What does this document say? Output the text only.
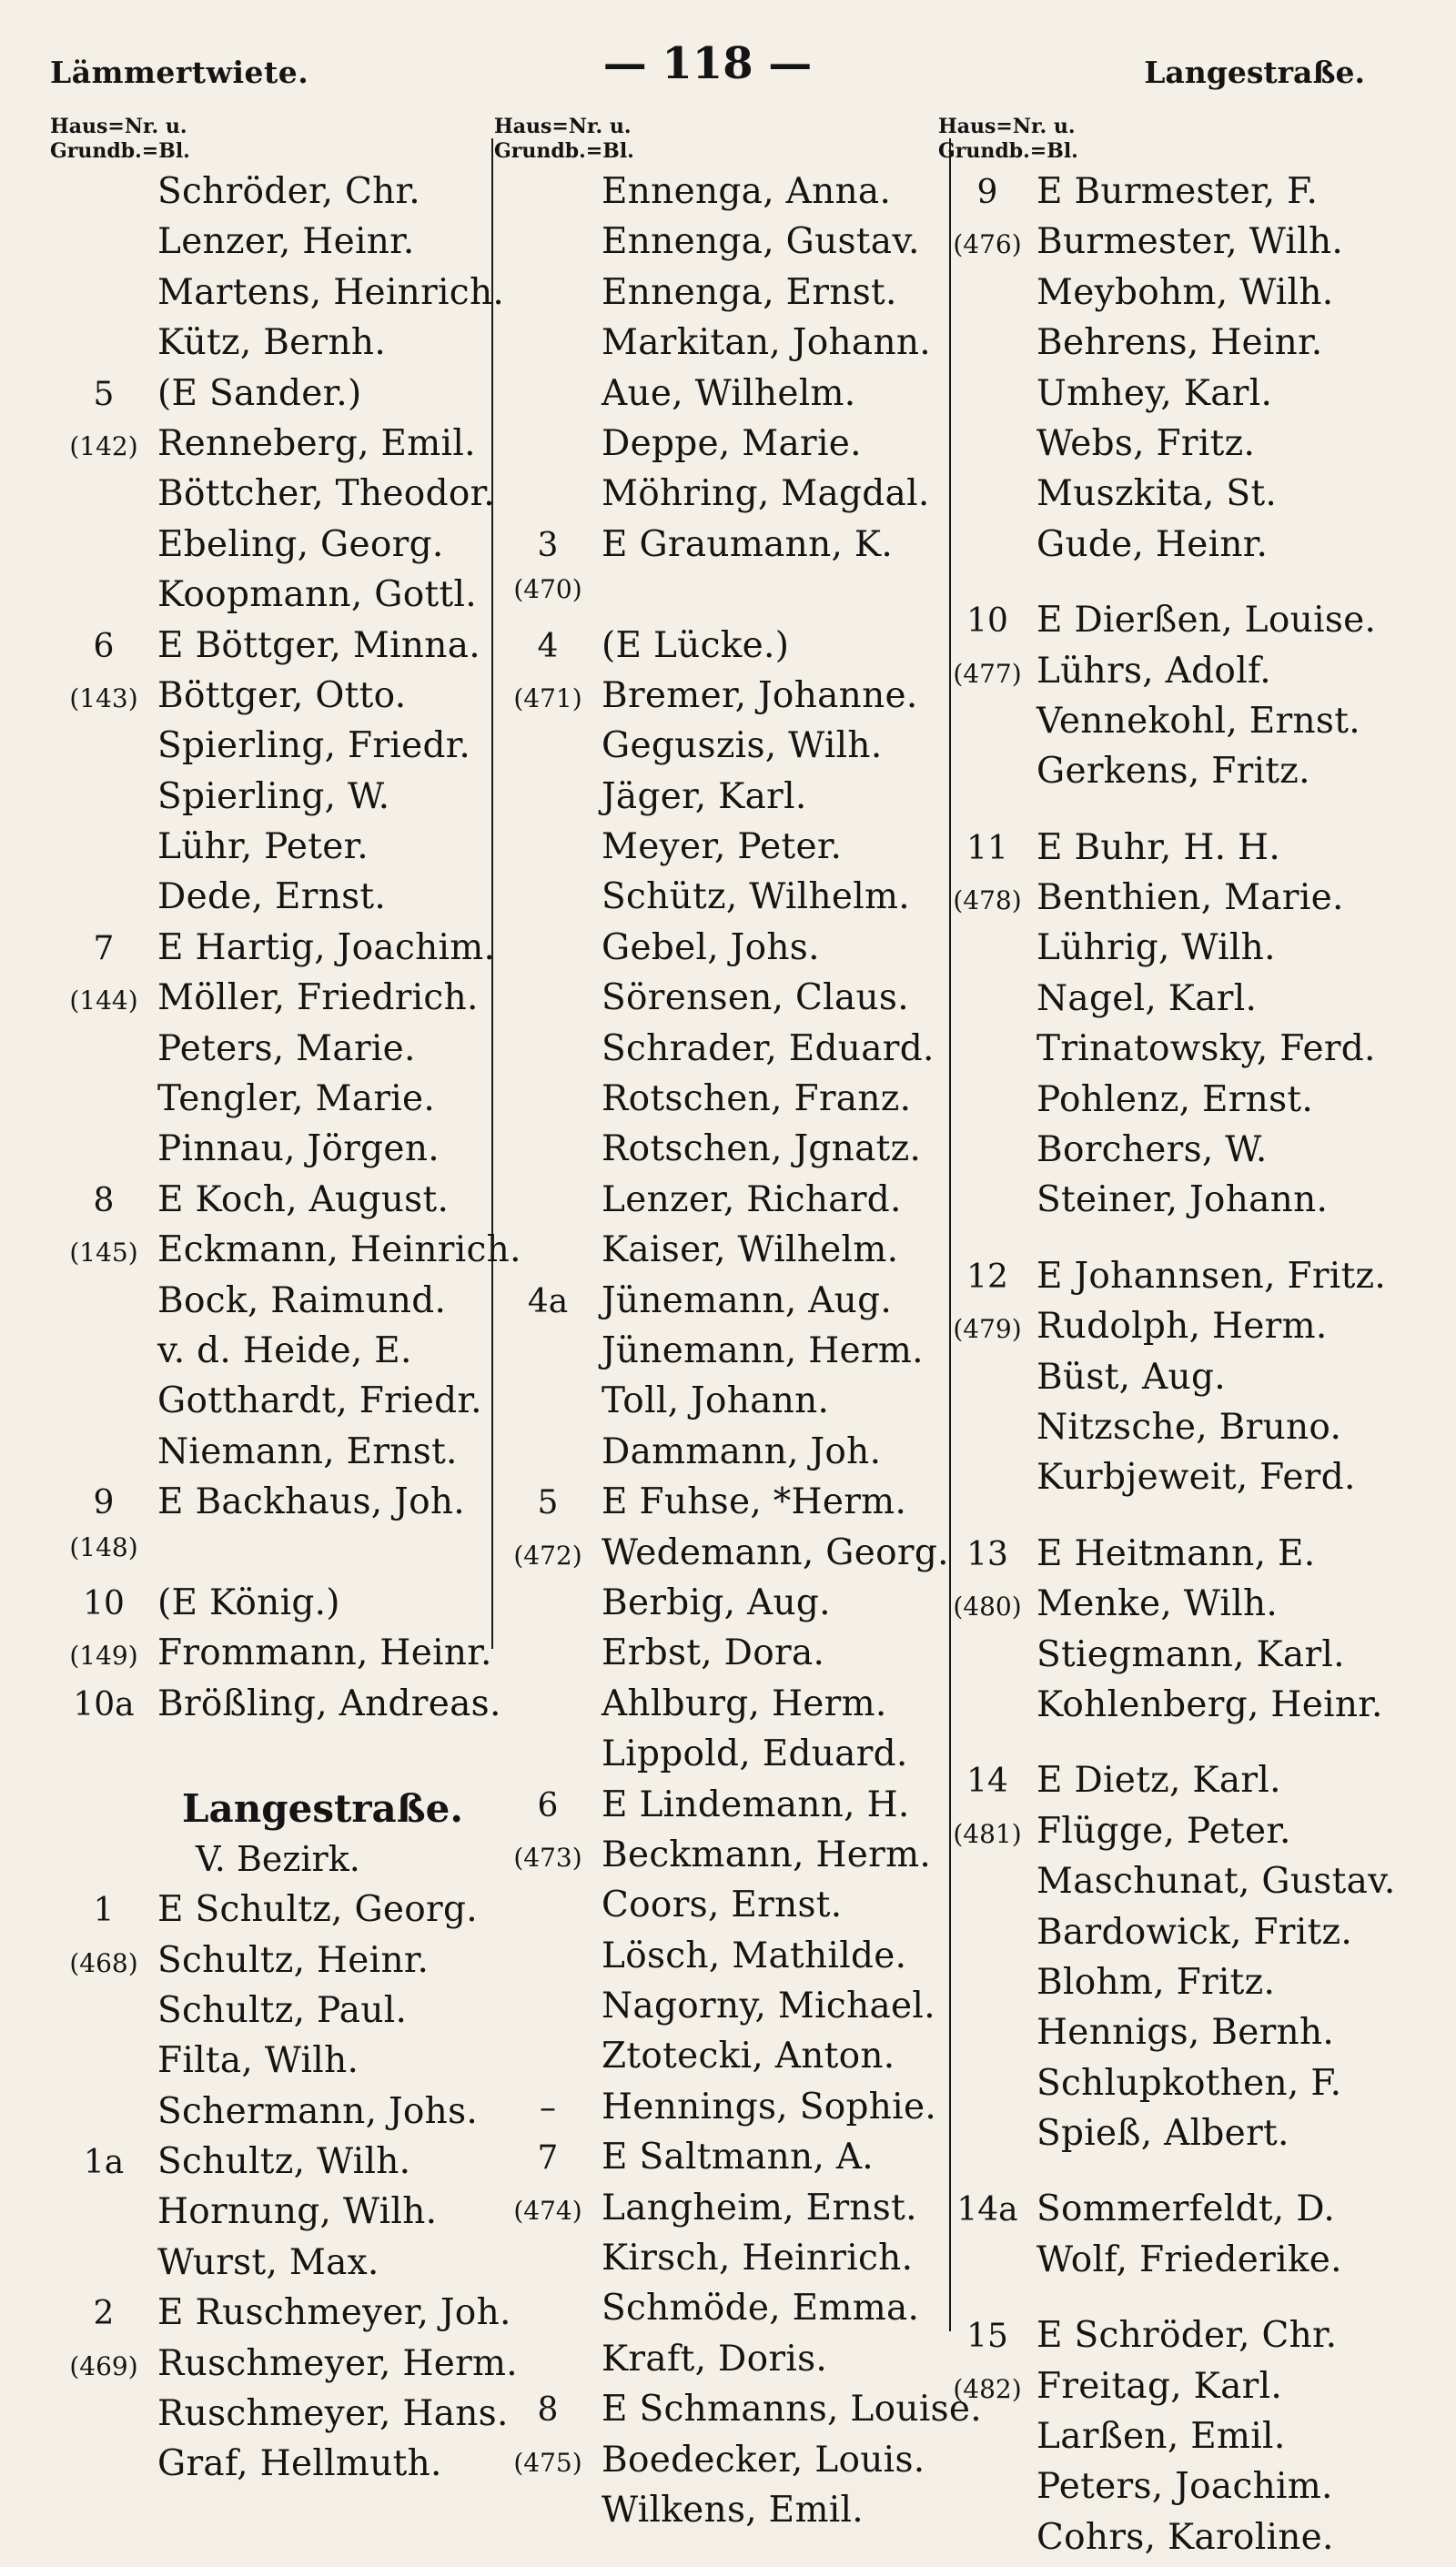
Lämmertwiete.	— 118 —	Langestraße.
Haus=Nr. u.
Grundb.=Bl.
Schröder, Chr.
Lenzer, Heinr.
Martens, Heinrich.
Kütz, Bernh.
5	(E Sander.)
(142) Renneberg, Emil.
Böttcher, Theodor.
Ebeling, Georg.
Koopmann, Gottl.
6	E Böttger, Minna.
(143) Böttger, Otto.
Spierling, Friedr.
Spierling, W.
Lühr, Peter.
Dede, Ernst.
7	E Hartig, Joachim.
(144) Möller, Friedrich.
Peters, Marie.
Tengler, Marie.
Pinnau, Jörgen.
8	E Koch, August.
(145) Eckmann, Heinrich.
Bock, Raimund.
v. d. Heide, E.
Gotthardt, Friedr.
Niemann, Ernst.
9	E Backhaus, Joh.
(148)
10 (E König.)
(149) Frommann, Heinr.
10a Brößling, Andreas.
Langestraße.
V. Bezirk.
1	E Schultz, Georg.
(468) Schultz, Heinr.
Schultz, Paul.
Filta, Wilh.
Schermann, Johs.
1a Schultz, Wilh.
Hornung, Wilh.
Wurst, Max.
2	E Ruschmeyer, Joh.
(469) Ruschmeyer, Herm.
Ruschmeyer, Hans.
Graf, Hellmuth.
Haus=Nr. u.
Grundb.=Bl.
Ennenga, Anna.
Ennenga, Gustav.
Ennenga, Ernst.
Markitan, Johann.
Aue, Wilhelm.
Deppe, Marie.
Möhring, Magdal.
3	E Graumann, K.
(470)
4	(E Lücke.)
(471) Bremer, Johanne.
Geguszis, Wilh.
Jäger, Karl.
Meyer, Peter.
Schütz, Wilhelm.
Gebel, Johs.
Sörensen, Claus.
Schrader, Eduard.
Rotschen, Franz.
Rotschen, Jgnatz.
Lenzer, Richard.
Kaiser, Wilhelm.
4a Jünemann, Aug.
Jünemann, Herm.
Toll, Johann.
Dammann, Joh.
5	E Fuhse, *Herm.
(472) Wedemann, Georg.
Berbig, Aug.
Erbst, Dora.
Ahlburg, Herm.
Lippold, Eduard.
6	E Lindemann, H.
(473) Beckmann, Herm.
Coors, Ernst.
Lösch, Mathilde.
Nagorny, Michael.
Ztotecki, Anton.
–	Hennings, Sophie.
7	E Saltmann, A.
(474) Langheim, Ernst.
Kirsch, Heinrich.
Schmöde, Emma.
Kraft, Doris.
8	E Schmanns, Louise.
(475) Boedecker, Louis.
Wilkens, Emil.
Haus=Nr. u.
Grundb.=Bl.
9	E Burmester, F.
(476) Burmester, Wilh.
Meybohm, Wilh.
Behrens, Heinr.
Umhey, Karl.
Webs, Fritz.
Muszkita, St.
Gude, Heinr.
10 E Dierßen, Louise.
(477) Lührs, Adolf.
Vennekohl, Ernst.
Gerkens, Fritz.
11 E Buhr, H. H.
(478) Benthien, Marie.
Lührig, Wilh.
Nagel, Karl.
Trinatowsky, Ferd.
Pohlenz, Ernst.
Borchers, W.
Steiner, Johann.
12 E Johannsen, Fritz.
(479) Rudolph, Herm.
Büst, Aug.
Nitzsche, Bruno.
Kurbjeweit, Ferd.
13 E Heitmann, E.
(480) Menke, Wilh.
Stiegmann, Karl.
Kohlenberg, Heinr.
14 E Dietz, Karl.
(481) Flügge, Peter.
Maschunat, Gustav.
Bardowick, Fritz.
Blohm, Fritz.
Hennigs, Bernh.
Schlupkothen, F.
Spieß, Albert.
14a Sommerfeldt, D.
Wolf, Friederike.
15 E Schröder, Chr.
(482) Freitag, Karl.
Larßen, Emil.
Peters, Joachim.
Cohrs, Karoline.
